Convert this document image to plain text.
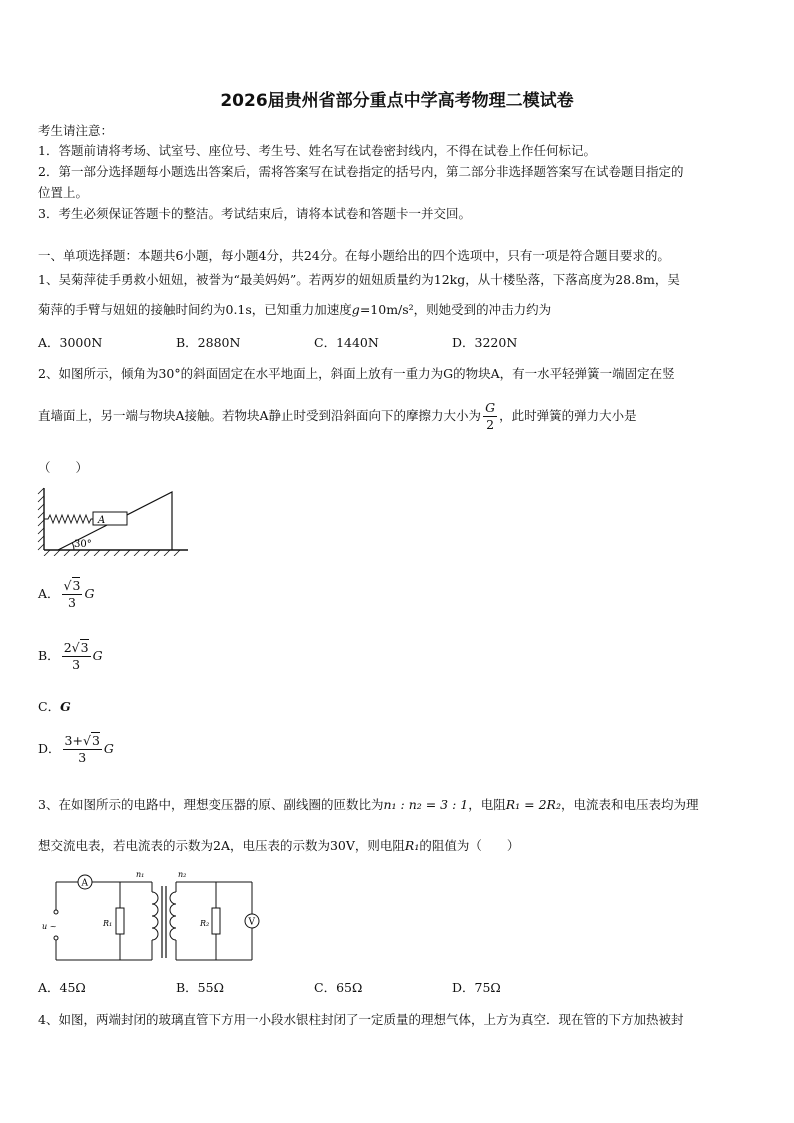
2026届贵州省部分重点中学高考物理二模试卷
考生请注意：
1．答题前请将考场、试室号、座位号、考生号、姓名写在试卷密封线内，不得在试卷上作任何标记。
2．第一部分选择题每小题选出答案后，需将答案写在试卷指定的括号内，第二部分非选择题答案写在试卷题目指定的
位置上。
3．考生必须保证答题卡的整洁。考试结束后，请将本试卷和答题卡一并交回。
一、单项选择题：本题共6小题，每小题4分，共24分。在每小题给出的四个选项中，只有一项是符合题目要求的。
1、吴菊萍徒手勇救小妞妞，被誉为“最美妈妈”。若两岁的妞妞质量约为12kg，从十楼坠落，下落高度为28.8m，吴
菊萍的手臂与妞妞的接触时间约为0.1s，已知重力加速度g=10m/s²，则她受到的冲击力约为
A．3000N	B．2880N	C．1440N	D．3220N
2、如图所示，倾角为30°的斜面固定在水平地面上，斜面上放有一重力为G的物块A，有一水平轻弹簧一端固定在竖
直墙面上，另一端与物块A接触。若物块A静止时受到沿斜面向下的摩擦力大小为 $\frac{G}{2}$ ，此时弹簧的弹力大小是
（　　）
30°
A
A． $\frac{√3}{3}$ G
B． $\frac{2√3}{3}$ G
C．G
D． $\frac{3+√3}{3}$ G
3、在如图所示的电路中，理想变压器的原、副线圈的匝数比为n₁ : n₂ = 3 : 1，电阻R₁ = 2R₂，电流表和电压表均为理
想交流电表，若电流表的示数为2A，电压表的示数为30V，则电阻R₁的阻值为（　　）
A
u ~	R₁
n₁	n₂
R₂	V
A．45Ω	B．55Ω	C．65Ω	D．75Ω
4、如图，两端封闭的玻璃直管下方用一小段水银柱封闭了一定质量的理想气体，上方为真空．现在管的下方加热被封
